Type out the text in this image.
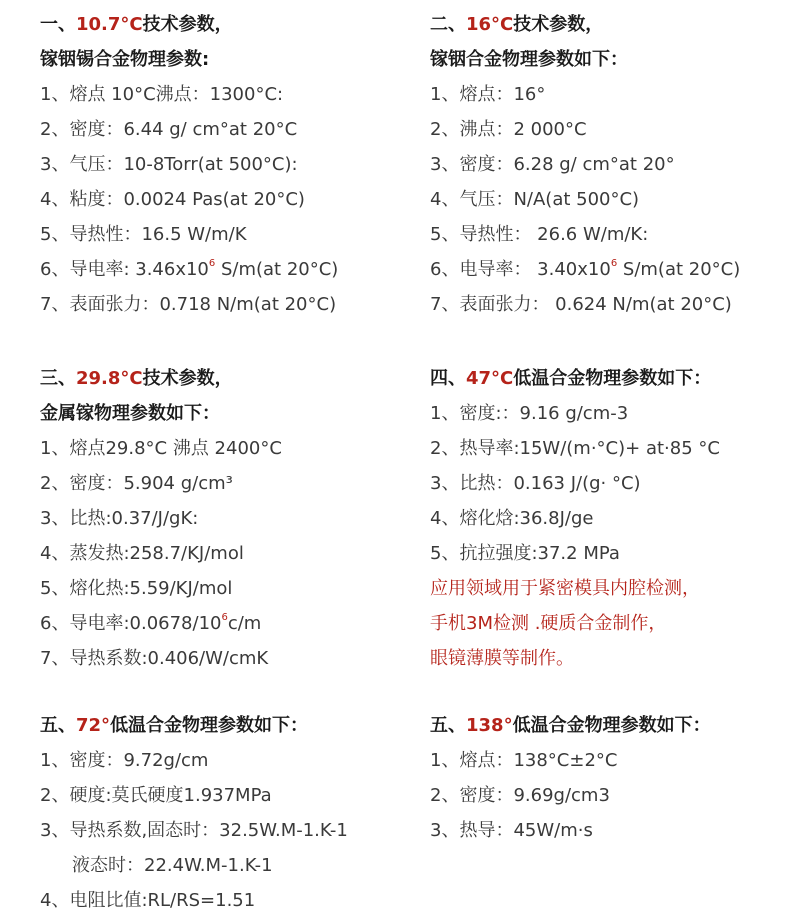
一、10.7°C技术参数，
镓铟锡合金物理参数:
1、熔点 10°C沸点：1300°C:
2、密度：6.44 g/ cm°at 20°C
3、气压：10-8Torr(at 500°C):
4、粘度：0.0024 Pas(at 20°C)
5、导热性：16.5 W/m/K
6、导电率: $3.46x10^6$ S/m(at 20°C)
7、表面张力：0.718 N/m(at 20°C)
二、16°C技术参数，
镓铟合金物理参数如下：
1、熔点：16°
2、沸点：2 000°C
3、密度：6.28 g/ cm°at 20°
4、气压：N/A(at 500°C)
5、导热性： 26.6 W/m/K:
6、电导率： $3.40x10^6$ S/m(at 20°C)
7、表面张力： 0.624 N/m(at 20°C)
三、29.8°C技术参数，
金属镓物理参数如下：
1、熔点29.8°C 沸点 2400°C
2、密度：5.904 g/cm³
3、比热:0.37/J/gK:
4、蒸发热:258.7/KJ/mol
5、熔化热:5.59/KJ/mol
6、导电率$:0.0678/10^6c/m$
7、导热系数:0.406/W/cmK
四、47°C低温合金物理参数如下：
1、密度:：9.16 g/cm-3
2、热导率:15W/(m·°C)+ at·85 °C
3、比热：0.163 J/(g· °C)
4、熔化焓:36.8J/ge
5、抗拉强度:37.2 MPa
应用领域用于紧密模具内腔检测，
手机3M检测 .硬质合金制作，
眼镜薄膜等制作。
五、72°低温合金物理参数如下：
1、密度：9.72g/cm
2、硬度:莫氏硬度1.937MPa
3、导热系数,固态时：32.5W.M-1.K-1
液态时：22.4W.M-1.K-1
4、电阻比值:RL/RS=1.51
五、138°低温合金物理参数如下：
1、熔点：138°C±2°C
2、密度：9.69g/cm3
3、热导：45W/m·s
